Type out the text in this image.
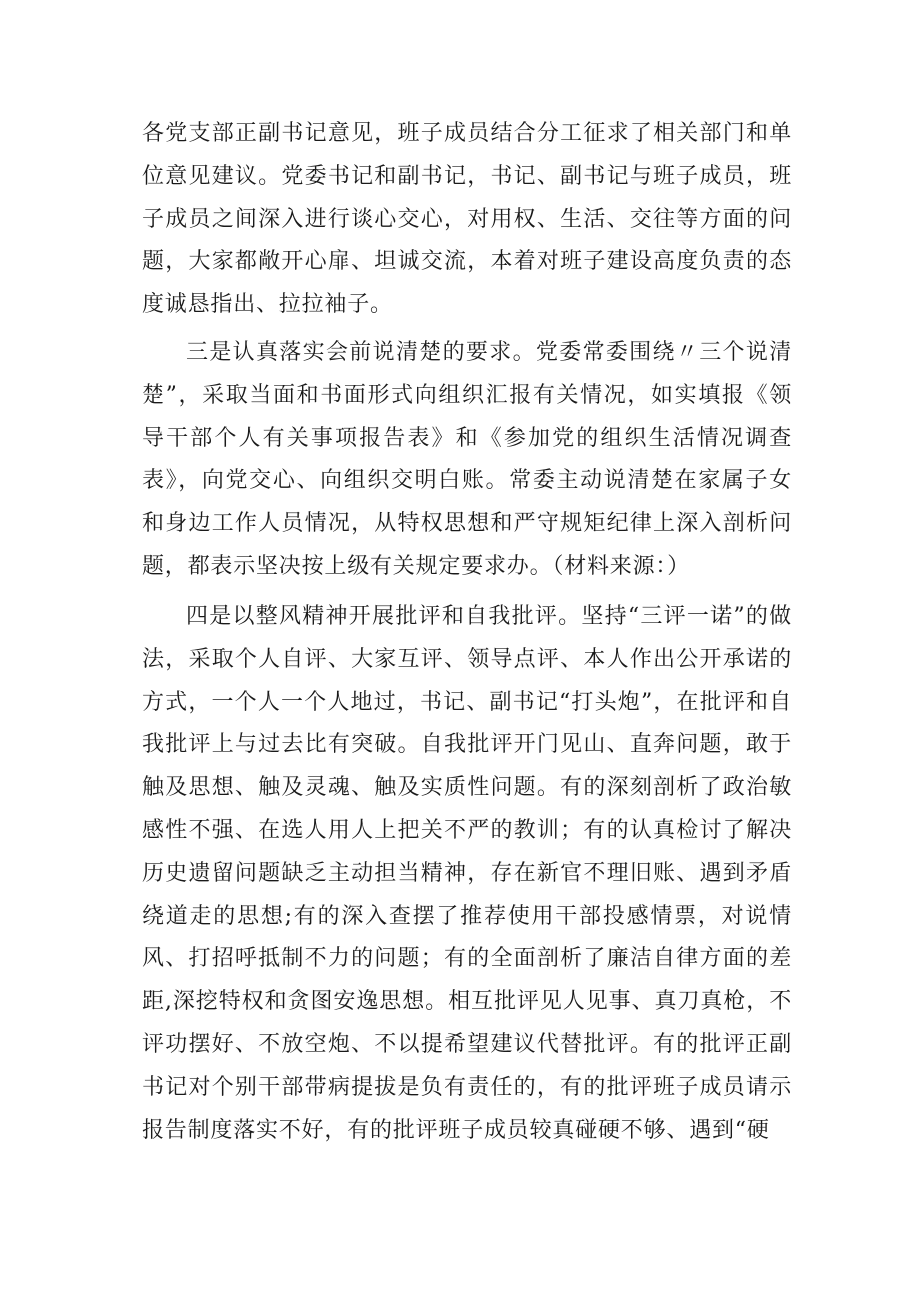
各党支部正副书记意见，班子成员结合分工征求了相关部门和单位意见建议。党委书记和副书记，书记、副书记与班子成员，班子成员之间深入进行谈心交心，对用权、生活、交往等方面的问题，大家都敞开心扉、坦诚交流，本着对班子建设高度负责的态度诚恳指出、拉拉袖子。

三是认真落实会前说清楚的要求。党委常委围绕〃三个说清楚”，采取当面和书面形式向组织汇报有关情况，如实填报《领导干部个人有关事项报告表》和《参加党的组织生活情况调查表》，向党交心、向组织交明白账。常委主动说清楚在家属子女和身边工作人员情况，从特权思想和严守规矩纪律上深入剖析问题，都表示坚决按上级有关规定要求办。（材料来源：）

四是以整风精神开展批评和自我批评。坚持“三评一诺”的做法，采取个人自评、大家互评、领导点评、本人作出公开承诺的方式，一个人一个人地过，书记、副书记“打头炮”，在批评和自我批评上与过去比有突破。自我批评开门见山、直奔问题，敢于触及思想、触及灵魂、触及实质性问题。有的深刻剖析了政治敏感性不强、在选人用人上把关不严的教训；有的认真检讨了解决历史遗留问题缺乏主动担当精神，存在新官不理旧账、遇到矛盾绕道走的思想;有的深入查摆了推荐使用干部投感情票，对说情风、打招呼抵制不力的问题；有的全面剖析了廉洁自律方面的差距,深挖特权和贪图安逸思想。相互批评见人见事、真刀真枪，不评功摆好、不放空炮、不以提希望建议代替批评。有的批评正副书记对个别干部带病提拔是负有责任的，有的批评班子成员请示报告制度落实不好，有的批评班子成员较真碰硬不够、遇到“硬
